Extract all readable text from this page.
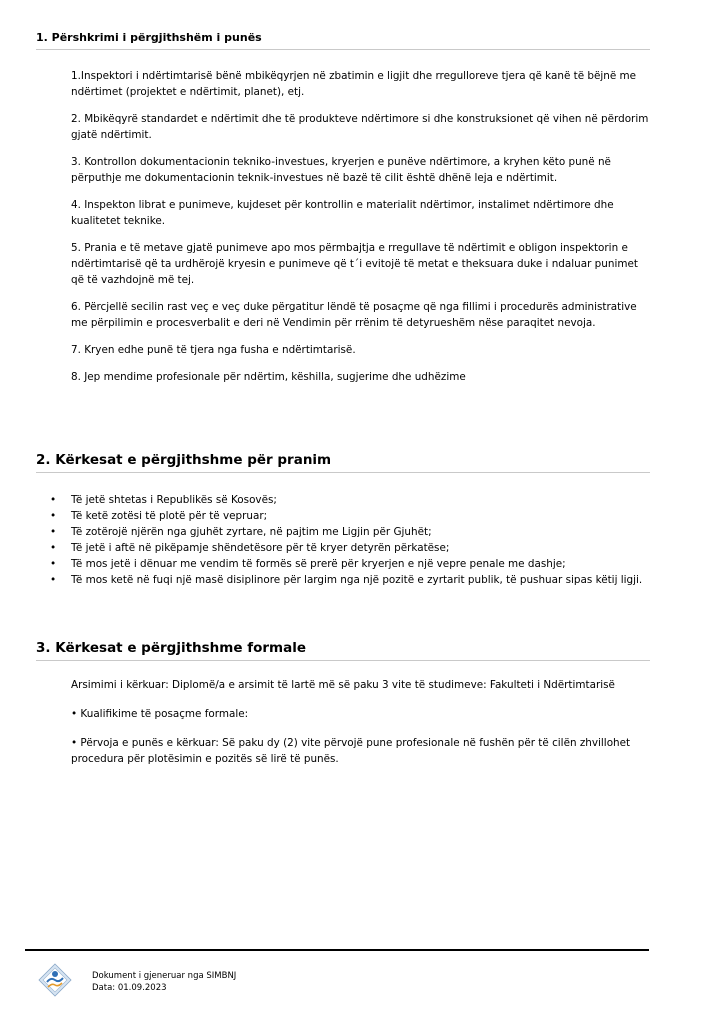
1. Përshkrimi i përgjithshëm i punës

1.Inspektori i ndërtimtarisë bënë mbikëqyrjen në zbatimin e ligjit dhe rregulloreve tjera që kanë të bëjnë me ndërtimet (projektet e ndërtimit, planet), etj.

2. Mbikëqyrë standardet e ndërtimit dhe të produkteve ndërtimore si dhe konstruksionet që vihen në përdorim gjatë ndërtimit.

3. Kontrollon dokumentacionin tekniko-investues, kryerjen e punëve ndërtimore, a kryhen këto punë në përputhje me dokumentacionin teknik-investues në bazë të cilit është dhënë leja e ndërtimit.

4. Inspekton librat e punimeve, kujdeset për kontrollin e materialit ndërtimor, instalimet ndërtimore dhe kualitetet teknike.

5. Prania e të metave gjatë punimeve apo mos përmbajtja e rregullave të ndërtimit e obligon inspektorin e ndërtimtarisë që ta urdhërojë kryesin e punimeve që t´i evitojë të metat e theksuara duke i ndaluar punimet që të vazhdojnë më tej.

6. Përcjellë secilin rast veç e veç duke përgatitur lëndë të posaçme që nga fillimi i procedurës administrative me përpilimin e procesverbalit e deri në Vendimin për rrënim të detyrueshëm nëse paraqitet nevoja.

7. Kryen edhe punë të tjera nga fusha e ndërtimtarisë.

8. Jep mendime profesionale për ndërtim, këshilla, sugjerime dhe udhëzime

2. Kërkesat e përgjithshme për pranim
• Të jetë shtetas i Republikës së Kosovës;
• Të ketë zotësi të plotë për të vepruar;
• Të zotërojë njërën nga gjuhët zyrtare, në pajtim me Ligjin për Gjuhët;
• Të jetë i aftë në pikëpamje shëndetësore për të kryer detyrën përkatëse;
• Të mos jetë i dënuar me vendim të formës së prerë për kryerjen e një vepre penale me dashje;
• Të mos ketë në fuqi një masë disiplinore për largim nga një pozitë e zyrtarit publik, të pushuar sipas këtij ligji.
3. Kërkesat e përgjithshme formale

Arsimimi i kërkuar: Diplomë/a e arsimit të lartë më së paku 3 vite të studimeve: Fakulteti i Ndërtimtarisë

• Kualifikime të posaçme formale:

• Përvoja e punës e kërkuar: Së paku dy (2) vite përvojë pune profesionale në fushën për të cilën zhvillohet procedura për plotësimin e pozitës së lirë të punës.

Dokument i gjeneruar nga SIMBNJ
Data: 01.09.2023
